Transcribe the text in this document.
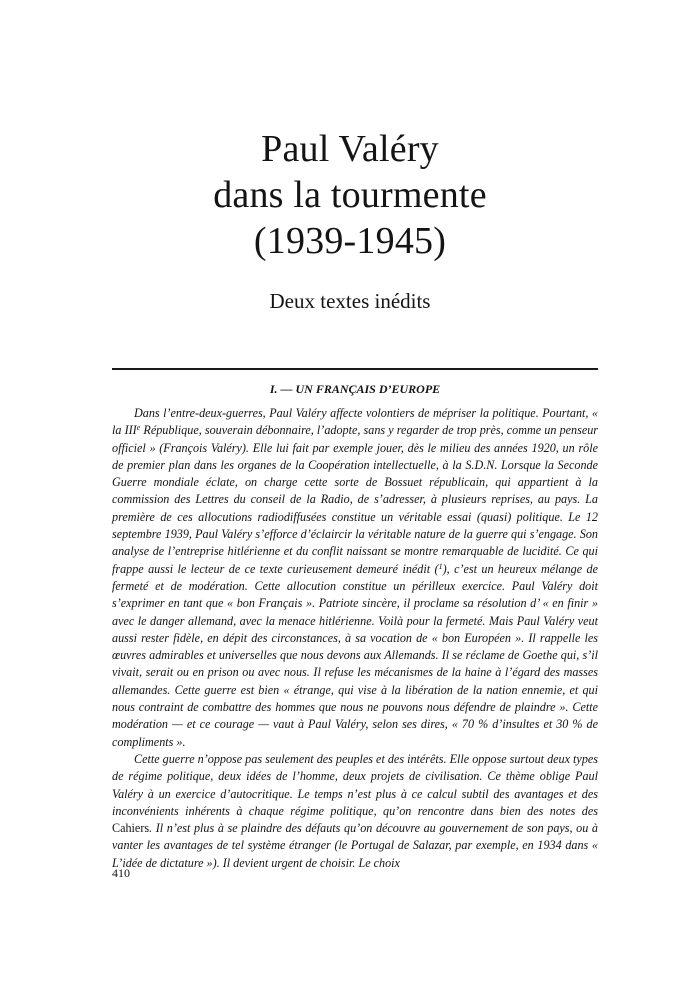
Paul Valéry
dans la tourmente
(1939-1945)
Deux textes inédits
I. — UN FRANÇAIS D’EUROPE

Dans l’entre-deux-guerres, Paul Valéry affecte volontiers de mépriser la politique. Pourtant, « la IIIe République, souverain débonnaire, l’adopte, sans y regarder de trop près, comme un penseur officiel » (François Valéry). Elle lui fait par exemple jouer, dès le milieu des années 1920, un rôle de premier plan dans les organes de la Coopération intellectuelle, à la S.D.N. Lorsque la Seconde Guerre mondiale éclate, on charge cette sorte de Bossuet républicain, qui appartient à la commission des Lettres du conseil de la Radio, de s’adresser, à plusieurs reprises, au pays. La première de ces allocutions radiodiffusées constitue un véritable essai (quasi) politique. Le 12 septembre 1939, Paul Valéry s’efforce d’éclaircir la véritable nature de la guerre qui s’engage. Son analyse de l’entreprise hitlérienne et du conflit naissant se montre remarquable de lucidité. Ce qui frappe aussi le lecteur de ce texte curieusement demeuré inédit ($^1$), c’est un heureux mélange de fermeté et de modération. Cette allocution constitue un périlleux exercice. Paul Valéry doit s’exprimer en tant que « bon Français ». Patriote sincère, il proclame sa résolution d’ « en finir » avec le danger allemand, avec la menace hitlérienne. Voilà pour la fermeté. Mais Paul Valéry veut aussi rester fidèle, en dépit des circonstances, à sa vocation de « bon Européen ». Il rappelle les œuvres admirables et universelles que nous devons aux Allemands. Il se réclame de Goethe qui, s’il vivait, serait ou en prison ou avec nous. Il refuse les mécanismes de la haine à l’égard des masses allemandes. Cette guerre est bien « étrange, qui vise à la libération de la nation ennemie, et qui nous contraint de combattre des hommes que nous ne pouvons nous défendre de plaindre ». Cette modération — et ce courage — vaut à Paul Valéry, selon ses dires, « 70 % d’insultes et 30 % de compliments ».

Cette guerre n’oppose pas seulement des peuples et des intérêts. Elle oppose surtout deux types de régime politique, deux idées de l’homme, deux projets de civilisation. Ce thème oblige Paul Valéry à un exercice d’autocritique. Le temps n’est plus à ce calcul subtil des avantages et des inconvénients inhérents à chaque régime politique, qu’on rencontre dans bien des notes des Cahiers. Il n’est plus à se plaindre des défauts qu’on découvre au gouvernement de son pays, ou à vanter les avantages de tel système étranger (le Portugal de Salazar, par exemple, en 1934 dans « L’idée de dictature »). Il devient urgent de choisir. Le choix

410
